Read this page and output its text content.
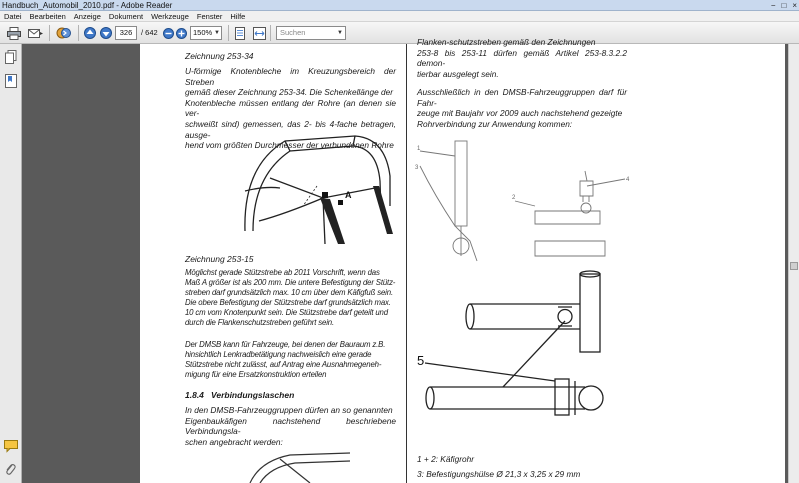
Handbuch_Automobil_2010.pdf - Adobe Reader	− □ ×
Datei	Bearbeiten	Anzeige	Dokument	Werkzeuge	Fenster	Hilfe
326	/ 642	150% ▼	Suchen	▼
Zeichnung 253-34
U-förmige Knotenbleche im Kreuzungsbereich der Streben
gemäß dieser Zeichnung 253-34. Die Schenkellänge der
Knotenbleche müssen entlang der Rohre (an denen sie ver-
schweißt sind) gemessen, das 2- bis 4-fache betragen, ausge-
hend vom größten Durchmesser der verbundenen Rohre
A
Zeichnung 253-15
Möglichst gerade Stützstrebe ab 2011 Vorschrift, wenn das
Maß A größer ist als 200 mm. Die untere Befestigung der Stütz-
streben darf grundsätzlich max. 10 cm über dem Käfigfuß sein.
Die obere Befestigung der Stützstrebe darf grundsätzlich max.
10 cm vom Knotenpunkt sein. Die Stützstrebe darf geteilt und
durch die Flankenschutzstreben geführt sein.
Der DMSB kann für Fahrzeuge, bei denen der Bauraum z.B.
hinsichtlich Lenkradbetätigung nachweislich eine gerade
Stützstrebe nicht zulässt, auf Antrag eine Ausnahmegeneh-
migung für eine Ersatzkonstruktion erteilen
1.8.4   Verbindungslaschen
In den DMSB-Fahrzeuggruppen dürfen an so genannten
Eigenbaukäfigen nachstehend beschriebene Verbindungsla-
schen angebracht werden:
Flanken-schutzstreben gemäß den Zeichnungen
253-8 bis 253-11 dürfen gemäß Artikel 253-8.3.2.2 demon-
tierbar ausgelegt sein.
Ausschließlich in den DMSB-Fahrzeuggruppen darf für Fahr-
zeuge mit Baujahr vor 2009 auch nachstehend gezeigte
Rohrverbindung zur Anwendung kommen:
1
2
3
4
5
1 + 2: Käfigrohr
3: Befestigungshülse Ø 21,3 x 3,25 x 29 mm
